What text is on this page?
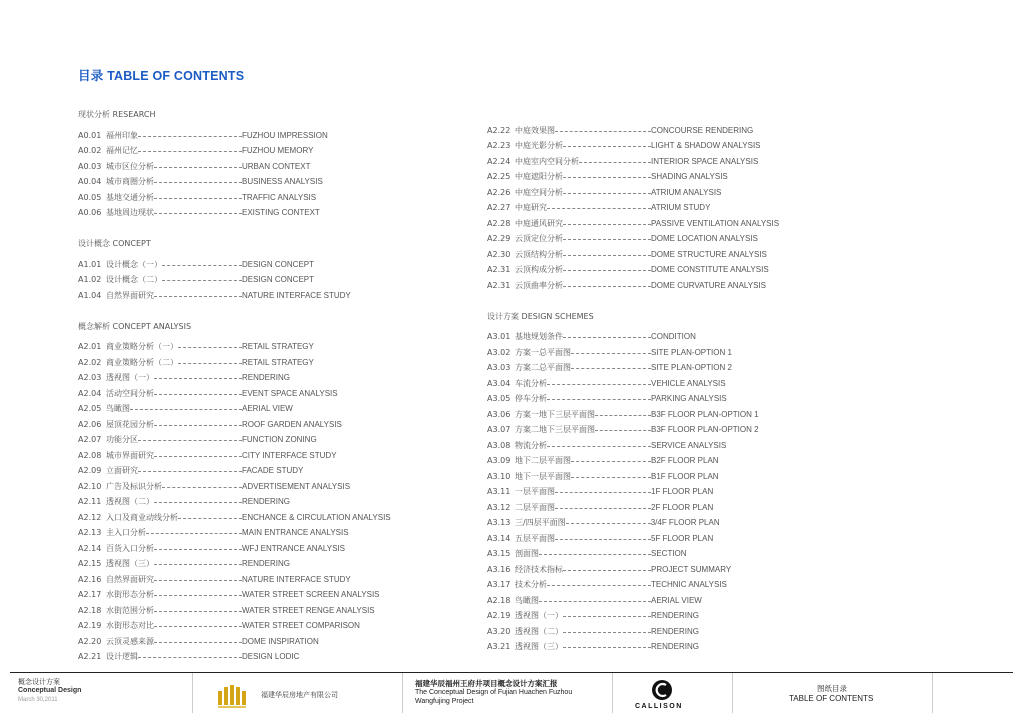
目录 TABLE OF CONTENTS
现状分析 RESEARCH
A0.01 福州印象	FUZHOU IMPRESSION
A0.02 福州记忆	FUZHOU MEMORY
A0.03 城市区位分析	URBAN CONTEXT
A0.04 城市商圈分析	BUSINESS ANALYSIS
A0.05 基地交通分析	TRAFFIC ANALYSIS
A0.06 基地周边现状	EXISTING CONTEXT
设计概念 CONCEPT
A1.01 设计概念（一）	DESIGN CONCEPT
A1.02 设计概念（二）	DESIGN CONCEPT
A1.04 自然界面研究	NATURE INTERFACE STUDY
概念解析 CONCEPT ANALYSIS
A2.01 商业策略分析（一）	RETAIL STRATEGY
A2.02 商业策略分析（二）	RETAIL STRATEGY
A2.03 透视图（一）	RENDERING
A2.04 活动空间分析	EVENT SPACE ANALYSIS
A2.05 鸟瞰图	AERIAL VIEW
A2.06 屋顶花园分析	ROOF GARDEN ANALYSIS
A2.07 功能分区	FUNCTION ZONING
A2.08 城市界面研究	CITY INTERFACE STUDY
A2.09 立面研究	FACADE STUDY
A2.10 广告及标识分析	ADVERTISEMENT ANALYSIS
A2.11 透视图（二）	RENDERING
A2.12 入口及商业动线分析	ENCHANCE & CIRCULATION ANALYSIS
A2.13 主入口分析	MAIN ENTRANCE ANALYSIS
A2.14 百货入口分析	WFJ ENTRANCE ANALYSIS
A2.15 透视图（三）	RENDERING
A2.16 自然界面研究	NATURE INTERFACE STUDY
A2.17 水街形态分析	WATER STREET SCREEN ANALYSIS
A2.18 水街范围分析	WATER STREET RENGE ANALYSIS
A2.19 水街形态对比	WATER STREET COMPARISON
A2.20 云顶灵感来源	DOME INSPIRATION
A2.21 设计逻辑	DESIGN LODIC
A2.22 中庭效果图	CONCOURSE RENDERING
A2.23 中庭光影分析	LIGHT & SHADOW ANALYSIS
A2.24 中庭室内空间分析	INTERIOR SPACE ANALYSIS
A2.25 中庭遮阳分析	SHADING ANALYSIS
A2.26 中庭空间分析	ATRIUM ANALYSIS
A2.27 中庭研究	ATRIUM STUDY
A2.28 中庭通风研究	PASSIVE VENTILATION ANALYSIS
A2.29 云顶定位分析	DOME LOCATION ANALYSIS
A2.30 云顶结构分析	DOME STRUCTURE ANALYSIS
A2.31 云顶构成分析	DOME CONSTITUTE ANALYSIS
A2.31 云顶曲率分析	DOME CURVATURE ANALYSIS
设计方案 DESIGN SCHEMES
A3.01 基地规划条件	CONDITION
A3.02 方案一总平面图	SITE PLAN-OPTION 1
A3.03 方案二总平面图	SITE PLAN-OPTION 2
A3.04 车流分析	VEHICLE ANALYSIS
A3.05 停车分析	PARKING ANALYSIS
A3.06 方案一地下三层平面图	B3F FLOOR PLAN-OPTION 1
A3.07 方案二地下三层平面图	B3F FLOOR PLAN-OPTION 2
A3.08 物流分析	SERVICE ANALYSIS
A3.09 地下二层平面图	B2F FLOOR PLAN
A3.10 地下一层平面图	B1F FLOOR PLAN
A3.11 一层平面图	1F FLOOR PLAN
A3.12 二层平面图	2F FLOOR PLAN
A3.13 三/四层平面图	3/4F FLOOR PLAN
A3.14 五层平面图	5F FLOOR PLAN
A3.15 剖面图	SECTION
A3.16 经济技术指标	PROJECT SUMMARY
A3.17 技术分析	TECHNIC ANALYSIS
A2.18 鸟瞰图	AERIAL VIEW
A2.19 透视图（一）	RENDERING
A3.20 透视图（二）	RENDERING
A3.21 透视图（三）	RENDERING
概念设计方案
Conceptual Design
March 30,2011
福建华辰房地产有限公司
福建华辰福州王府井项目概念设计方案汇报
The Conceptual Design of Fujian Huachen Fuzhou
Wangfujing Project
CALLISON
图纸目录
TABLE OF CONTENTS
